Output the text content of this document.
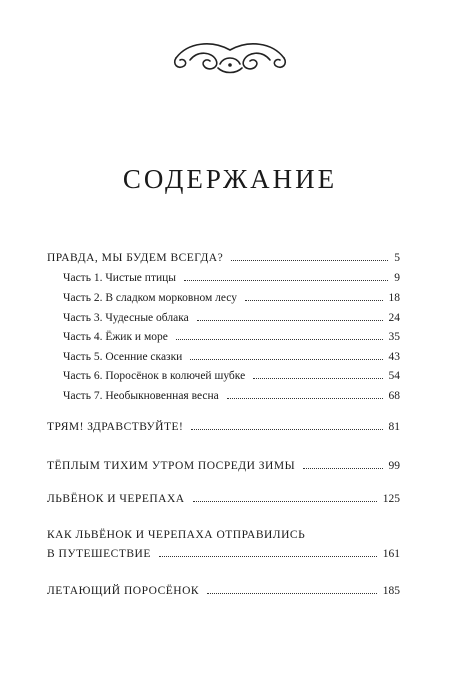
СОДЕРЖАНИЕ
ПРАВДА, МЫ БУДЕМ ВСЕГДА?	5
Часть 1. Чистые птицы	9
Часть 2. В сладком морковном лесу	18
Часть 3. Чудесные облака	24
Часть 4. Ёжик и море	35
Часть 5. Осенние сказки	43
Часть 6. Поросёнок в колючей шубке	54
Часть 7. Необыкновенная весна	68
ТРЯМ! ЗДРАВСТВУЙТЕ!	81
ТЁПЛЫМ ТИХИМ УТРОМ ПОСРЕДИ ЗИМЫ	99
ЛЬВЁНОК И ЧЕРЕПАХА	125
КАК ЛЬВЁНОК И ЧЕРЕПАХА ОТПРАВИЛИСЬ
В ПУТЕШЕСТВИЕ	161
ЛЕТАЮЩИЙ ПОРОСЁНОК	185
